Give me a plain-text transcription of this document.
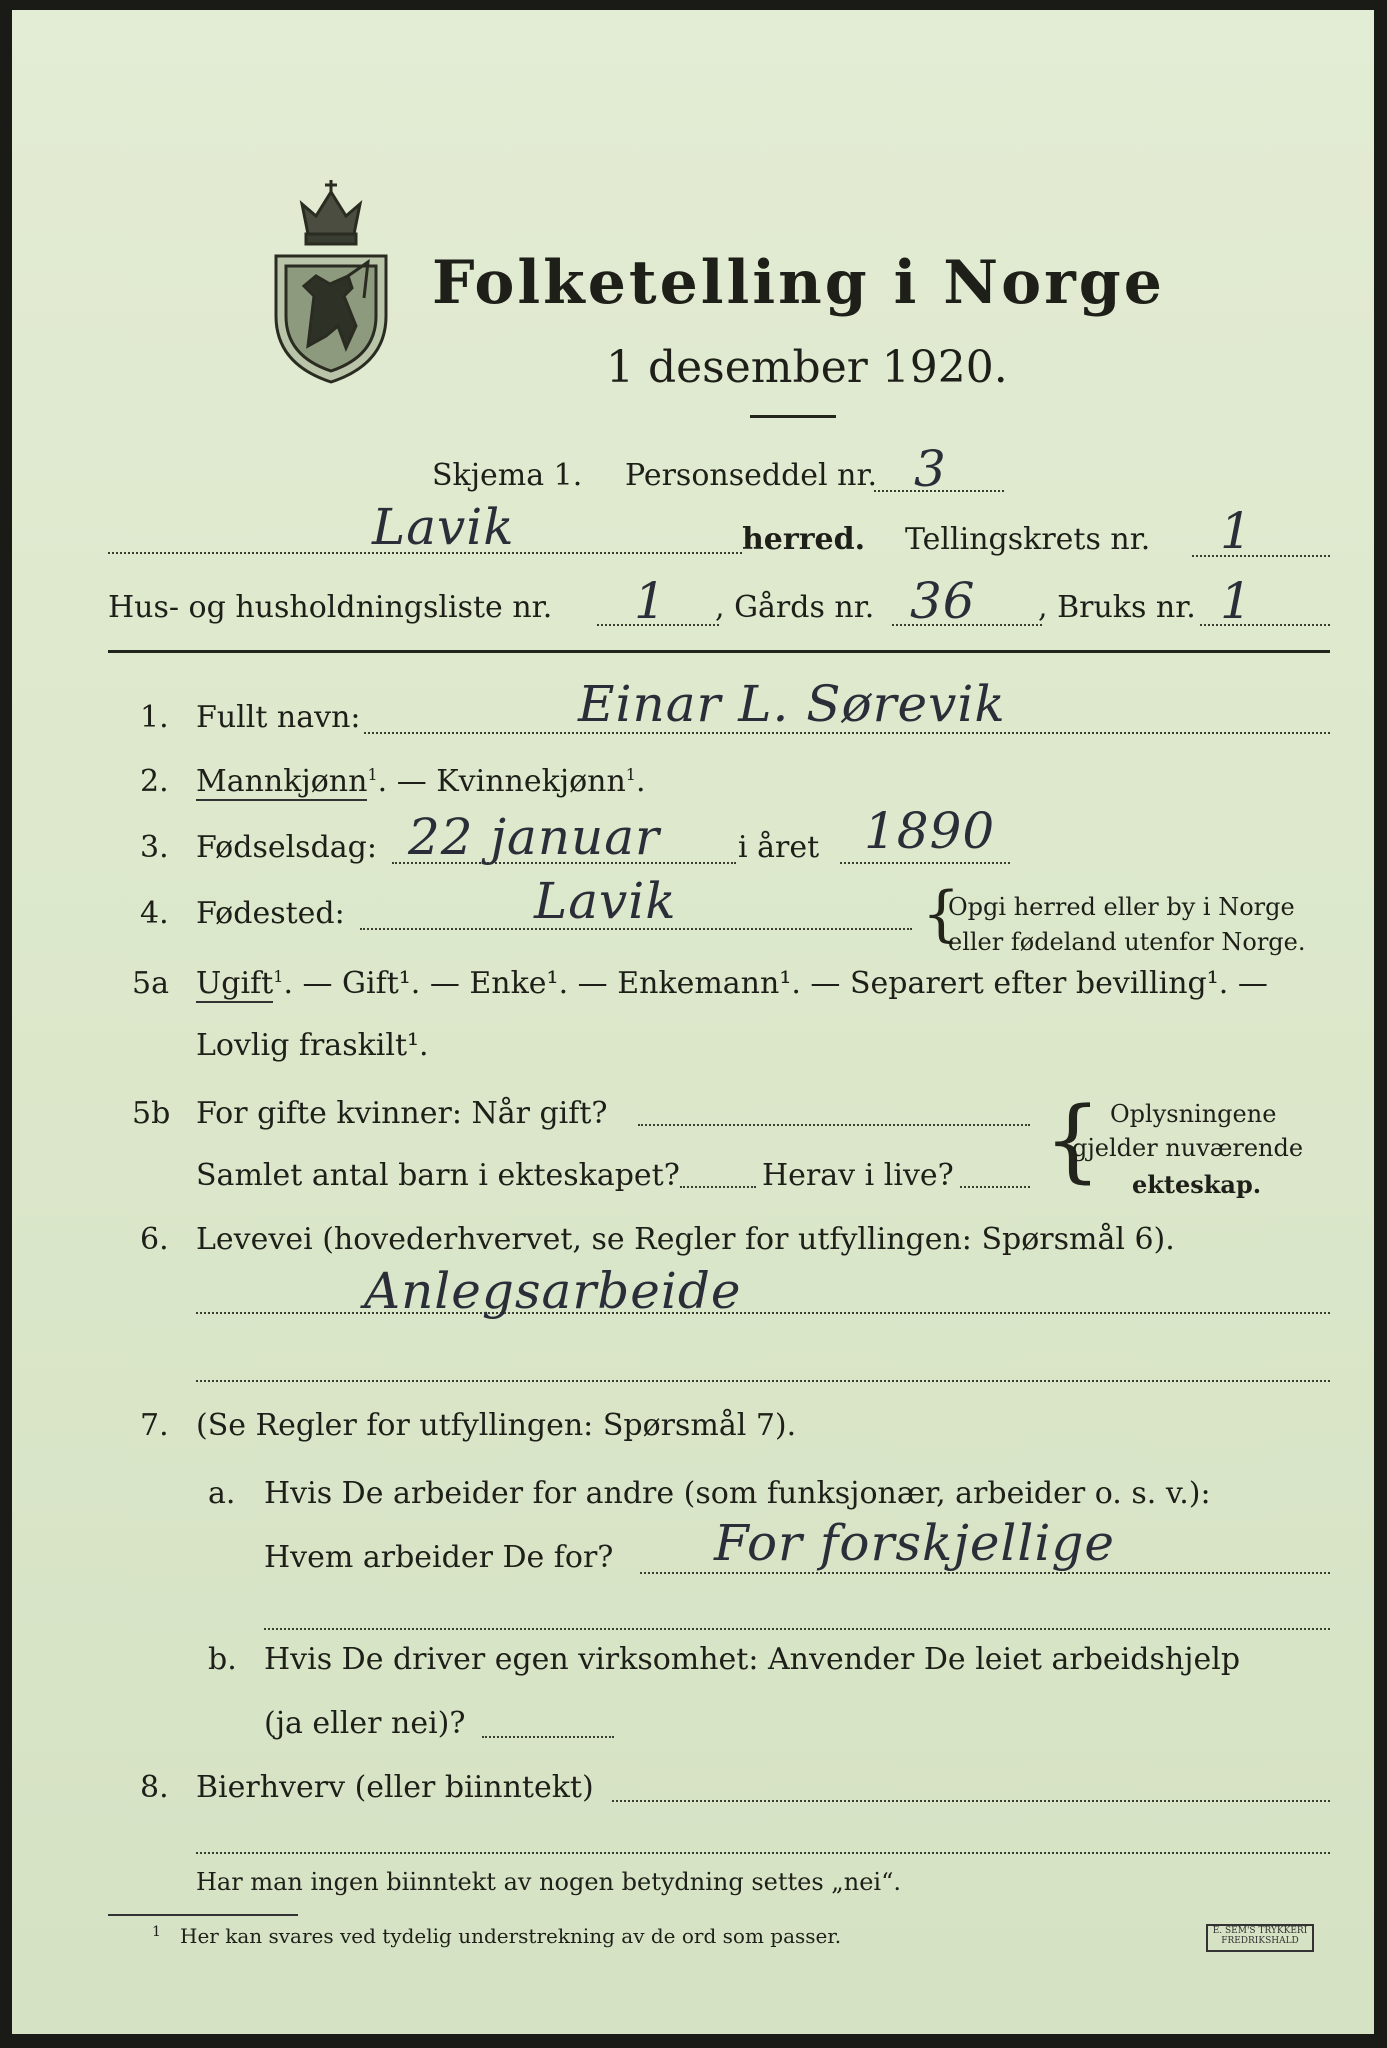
Folketelling i Norge
1 desember 1920.
Skjema 1. Personseddel nr. 3
Lavik	herred. Tellingskrets nr. 1
Hus- og husholdningsliste nr. 1 , Gårds nr. 36 , Bruks nr. 1
1. Fullt navn:	Einar L. Sørevik
2. Mannkjønn$^1$. — Kvinnekjønn$^1$.
3. Fødselsdag: 22 januar	i året 1890
4. Fødested:	Lavik	{
Opgi herred eller by i Norge
eller fødeland utenfor Norge.
5a Ugift$^1$. — Gift¹. — Enke¹. — Enkemann¹. — Separert efter bevilling¹. —
Lovlig fraskilt¹.
5b For gifte kvinner: Når gift?
Samlet antal barn i ekteskapet?	Herav i live? { Oplysningene
gjelder nuværende
ekteskap.
6. Levevei (hovederhvervet, se Regler for utfyllingen: Spørsmål 6).
Anlegsarbeide
7. (Se Regler for utfyllingen: Spørsmål 7).
a. Hvis De arbeider for andre (som funksjonær, arbeider o. s. v.):
Hvem arbeider De for? For forskjellige
b. Hvis De driver egen virksomhet: Anvender De leiet arbeidshjelp
(ja eller nei)?
8. Bierhverv (eller biinntekt)
Har man ingen biinntekt av nogen betydning settes „nei“.
1 Her kan svares ved tydelig understrekning av de ord som passer.	E. SEM'S TRYKKERI
FREDRIKSHALD
